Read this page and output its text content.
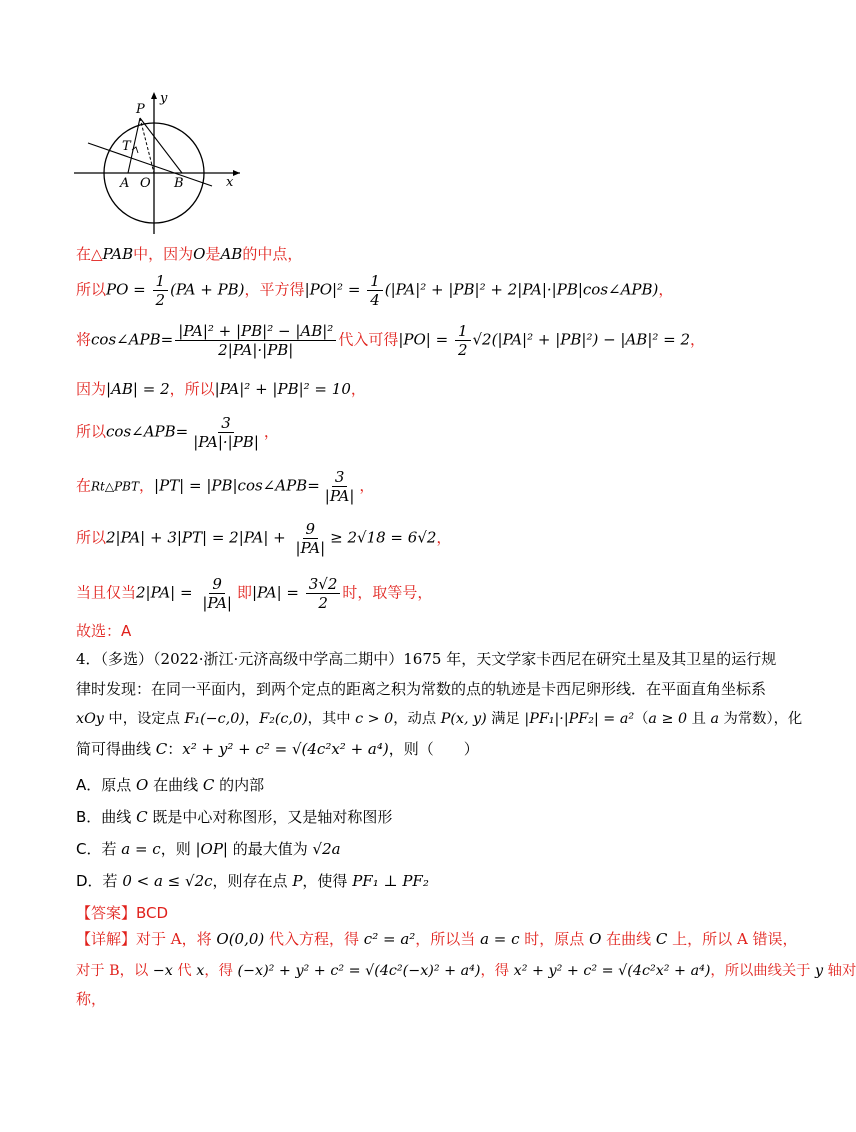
y
x
P
T
A O B
在△PAB中，因为O是AB的中点，
所以PO = $\frac{1}{2} (PA + PB)$，平方得$|PO|^2 = \frac{1}{4} (|PA|^2 + |PB|^2$ + 2|PA|·|PB|cos∠APB)，
将cos∠APB= $\frac{\text{|PA|² + |PB|² − |AB|²}}{2|PA|\cdot|PB|}$ 代入可得$|PO| = \frac{1}{2} √2(|PA|^2 + |PB|^2) - |AB|^2 = 2$，
因为|AB| = 2，所以|PA|² + |PB|² = 10，
所以cos∠APB= $\frac{3}{|PA|\cdot|PB|}$ ，
在Rt△PBT，|PT| = |PB|cos∠APB= $\frac{3}{|PA|}$ ，
所以$2|PA| + 3|PT| = 2|PA| + \frac{9}{|PA|} \ge 2√18 = 6√2$，
当且仅当$2|PA| = \frac{9}{|PA|}$ 即$|PA| = \frac{3√2}{2}$ 时，取等号，
故选：A
4．（多选）（2022·浙江·元济高级中学高二期中）1675 年，天文学家卡西尼在研究土星及其卫星的运行规
律时发现：在同一平面内，到两个定点的距离之积为常数的点的轨迹是卡西尼卵形线．在平面直角坐标系
xOy 中，设定点 F₁(−c,0)，F₂(c,0)，其中 c > 0，动点 P(x, y) 满足 |PF₁|·|PF₂| = a²（a ≥ 0 且 a 为常数），化
简可得曲线 C：x² + y² + c² = √(4c²x² + a⁴)，则（　　）
A．原点 O 在曲线 C 的内部
B．曲线 C 既是中心对称图形，又是轴对称图形
C．若 a = c，则 |OP| 的最大值为 √2a
D．若 0 < a ≤ √2c，则存在点 P，使得 PF₁ ⊥ PF₂
【答案】BCD
【详解】对于 A，将 O(0,0) 代入方程，得 c² = a²，所以当 a = c 时，原点 O 在曲线 C 上，所以 A 错误，
对于 B，以 −x 代 x，得 (−x)² + y² + c² = √(4c²(−x)² + a⁴)，得 x² + y² + c² = √(4c²x² + a⁴)，所以曲线关于 y 轴对
称，
